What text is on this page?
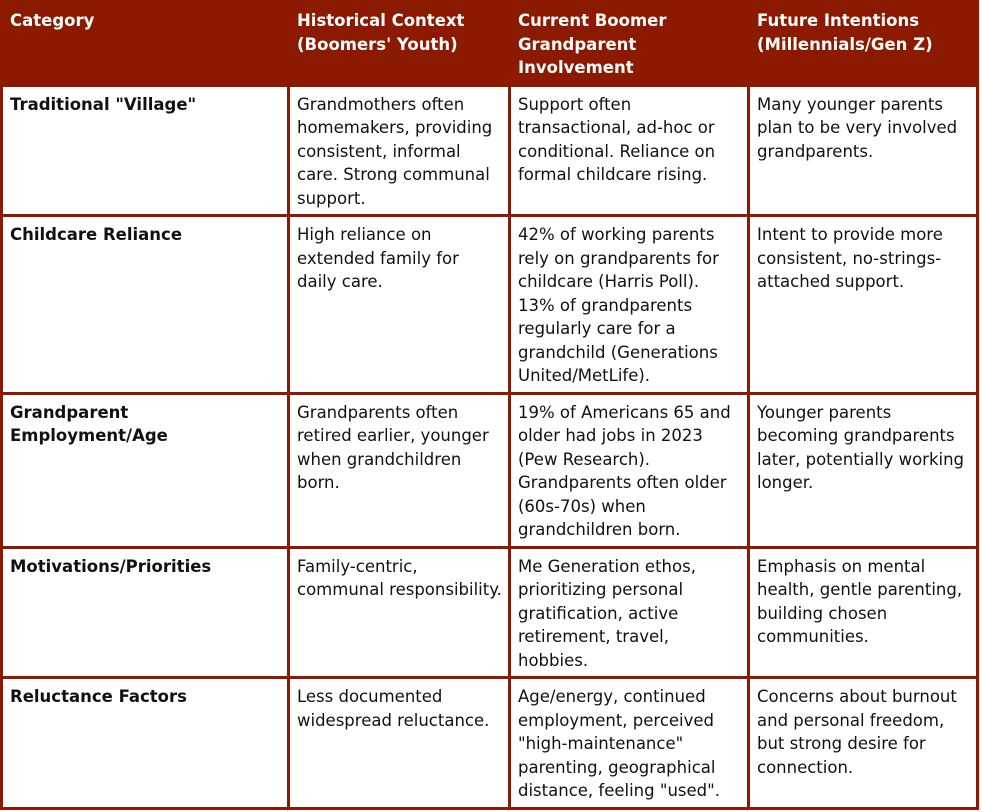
Category	Historical Context (Boomers' Youth)	Current Boomer Grandparent Involvement	Future Intentions (Millennials/Gen Z)
Traditional "Village"	Grandmothers often homemakers, providing consistent, informal care. Strong communal support.	Support often transactional, ad-hoc or conditional. Reliance on formal childcare rising.	Many younger parents plan to be very involved grandparents.
Childcare Reliance	High reliance on extended family for daily care.	42% of working parents rely on grandparents for childcare (Harris Poll). 13% of grandparents regularly care for a grandchild (Generations United/MetLife).	Intent to provide more consistent, no-strings-attached support.
Grandparent Employment/Age	Grandparents often retired earlier, younger when grandchildren born.	19% of Americans 65 and older had jobs in 2023 (Pew Research). Grandparents often older (60s-70s) when grandchildren born.	Younger parents becoming grandparents later, potentially working longer.
Motivations/Priorities	Family-centric, communal responsibility.	Me Generation ethos, prioritizing personal gratification, active retirement, travel, hobbies.	Emphasis on mental health, gentle parenting, building chosen communities.
Reluctance Factors	Less documented widespread reluctance.	Age/energy, continued employment, perceived "high-maintenance" parenting, geographical distance, feeling "used".	Concerns about burnout and personal freedom, but strong desire for connection.
